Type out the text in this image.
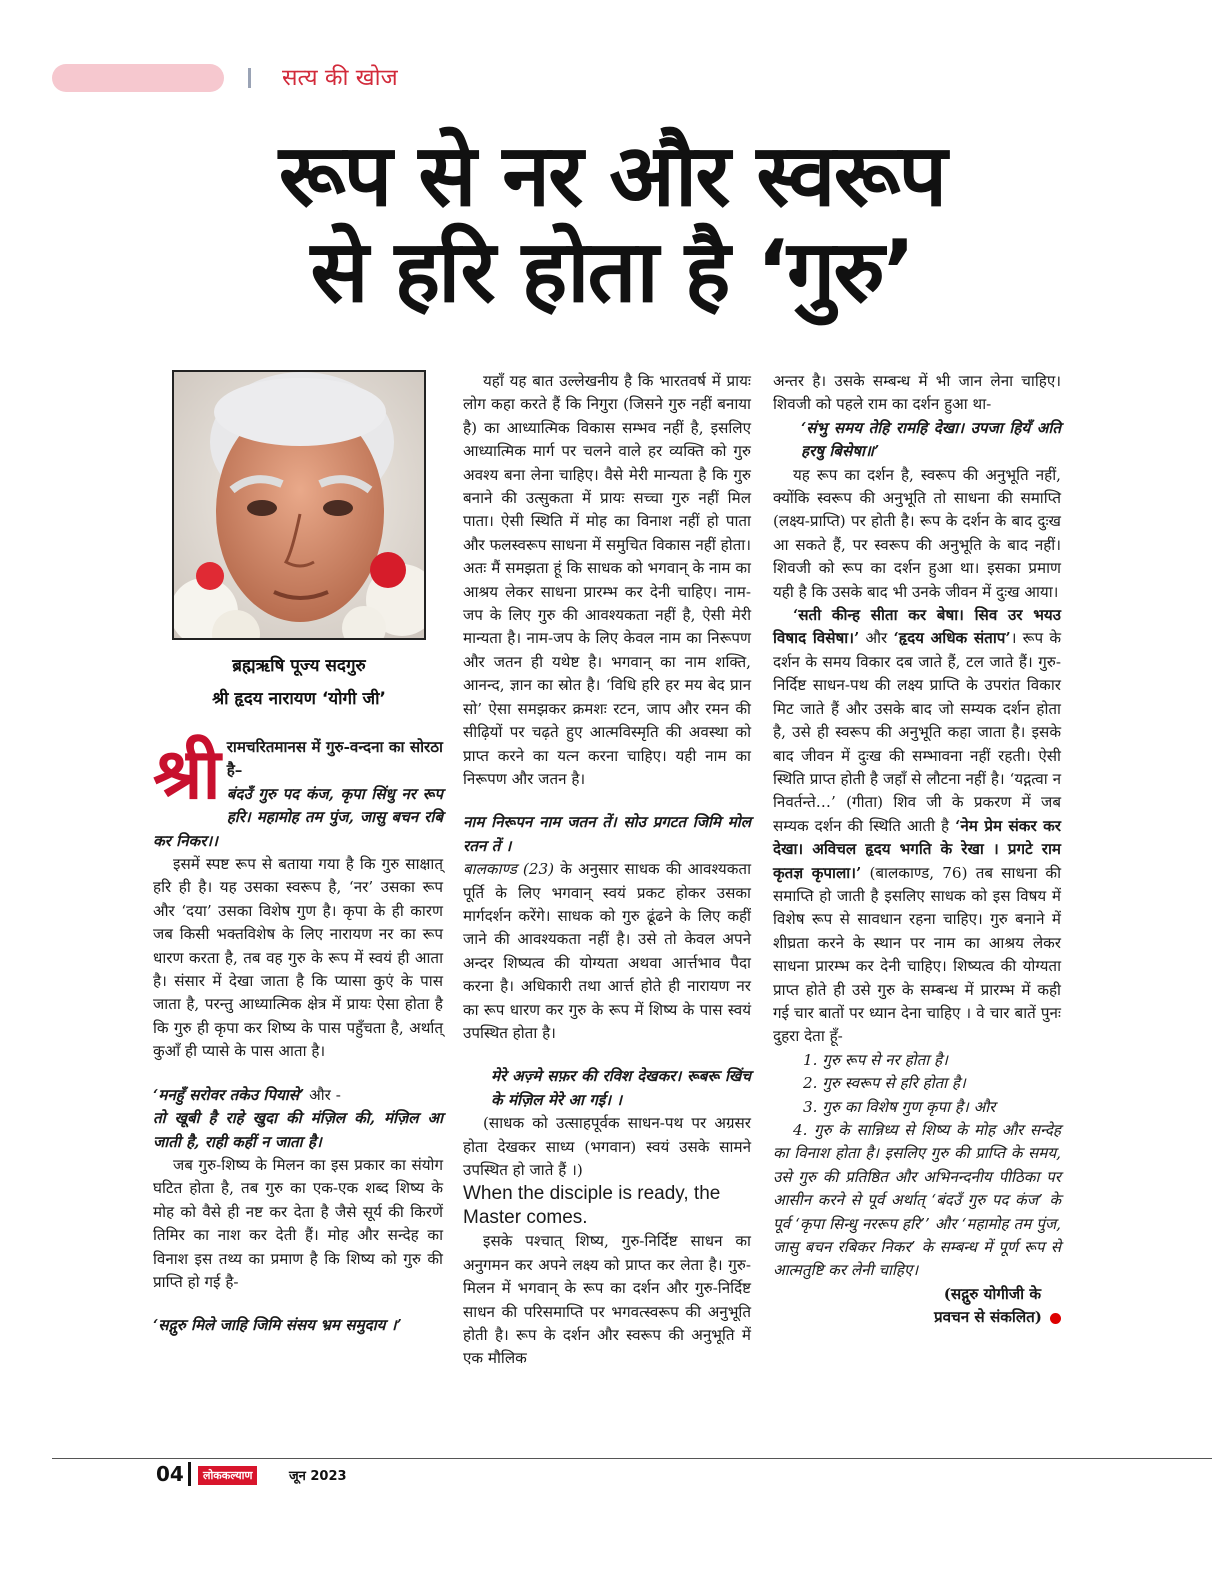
सत्य की खोज
रूप से नर और स्वरूप
से हरि होता है ‘गुरु’
ब्रह्मऋषि पूज्य सदगुरु
श्री हृदय नारायण ‘योगी जी’
श्री रामचरितमानस में गुरु-वन्दना का सोरठा है–

बंदउँ गुरु पद कंज, कृपा सिंधु नर रूप हरि। महामोह तम पुंज, जासु बचन रबि कर निकर।।

इसमें स्पष्ट रूप से बताया गया है कि गुरु साक्षात् हरि ही है। यह उसका स्वरूप है, ‘नर’ उसका रूप और ‘दया’ उसका विशेष गुण है। कृपा के ही कारण जब किसी भक्तविशेष के लिए नारायण नर का रूप धारण करता है, तब वह गुरु के रूप में स्वयं ही आता है। संसार में देखा जाता है कि प्यासा कुएं के पास जाता है, परन्तु आध्यात्मिक क्षेत्र में प्रायः ऐसा होता है कि गुरु ही कृपा कर शिष्य के पास पहुँचता है, अर्थात् कुआँ ही प्यासे के पास आता है।

‘मनहुँ सरोवर तकेउ पियासे’ और -

तो खूबी है राहे खुदा की मंज़िल की, मंज़िल आ जाती है, राही कहीं न जाता है।

जब गुरु-शिष्य के मिलन का इस प्रकार का संयोग घटित होता है, तब गुरु का एक-एक शब्द शिष्य के मोह को वैसे ही नष्ट कर देता है जैसे सूर्य की किरणें तिमिर का नाश कर देती हैं। मोह और सन्देह का विनाश इस तथ्य का प्रमाण है कि शिष्य को गुरु की प्राप्ति हो गई है-

‘सद्गुरु मिले जाहि जिमि संसय भ्रम समुदाय ।’

यहाँ यह बात उल्लेखनीय है कि भारतवर्ष में प्रायः लोग कहा करते हैं कि निगुरा (जिसने गुरु नहीं बनाया है) का आध्यात्मिक विकास सम्भव नहीं है, इसलिए आध्यात्मिक मार्ग पर चलने वाले हर व्यक्ति को गुरु अवश्य बना लेना चाहिए। वैसे मेरी मान्यता है कि गुरु बनाने की उत्सुकता में प्रायः सच्चा गुरु नहीं मिल पाता। ऐसी स्थिति में मोह का विनाश नहीं हो पाता और फलस्वरूप साधना में समुचित विकास नहीं होता। अतः मैं समझता हूं कि साधक को भगवान् के नाम का आश्रय लेकर साधना प्रारम्भ कर देनी चाहिए। नाम-जप के लिए गुरु की आवश्यकता नहीं है, ऐसी मेरी मान्यता है। नाम-जप के लिए केवल नाम का निरूपण और जतन ही यथेष्ट है। भगवान् का नाम शक्ति, आनन्द, ज्ञान का स्रोत है। ‘विधि हरि हर मय बेद प्रान सो’ ऐसा समझकर क्रमशः रटन, जाप और रमन की सीढ़ियों पर चढ़ते हुए आत्मविस्मृति की अवस्था को प्राप्त करने का यत्न करना चाहिए। यही नाम का निरूपण और जतन है।

नाम निरूपन नाम जतन तें। सोउ प्रगटत जिमि मोल रतन तें ।

बालकाण्ड (23) के अनुसार साधक की आवश्यकता पूर्ति के लिए भगवान् स्वयं प्रकट होकर उसका मार्गदर्शन करेंगे। साधक को गुरु ढूंढने के लिए कहीं जाने की आवश्यकता नहीं है। उसे तो केवल अपने अन्दर शिष्यत्व की योग्यता अथवा आर्त्तभाव पैदा करना है। अधिकारी तथा आर्त्त होते ही नारायण नर का रूप धारण कर गुरु के रूप में शिष्य के पास स्वयं उपस्थित होता है।

मेरे अज़्मे सफ़र की रविश देखकर। रूबरू खिंच के मंज़िल मेरे आ गई। ।

(साधक को उत्साहपूर्वक साधन-पथ पर अग्रसर होता देखकर साध्य (भगवान) स्वयं उसके सामने उपस्थित हो जाते हैं ।)

When the disciple is ready, the Master comes.

इसके पश्चात् शिष्य, गुरु-निर्दिष्ट साधन का अनुगमन कर अपने लक्ष्य को प्राप्त कर लेता है। गुरु-मिलन में भगवान् के रूप का दर्शन और गुरु-निर्दिष्ट साधन की परिसमाप्ति पर भगवत्स्वरूप की अनुभूति होती है। रूप के दर्शन और स्वरूप की अनुभूति में एक मौलिक

अन्तर है। उसके सम्बन्ध में भी जान लेना चाहिए। शिवजी को पहले राम का दर्शन हुआ था-

‘संभु समय तेहि रामहि देखा। उपजा हियँ अति हरषु बिसेषा॥’

यह रूप का दर्शन है, स्वरूप की अनुभूति नहीं, क्योंकि स्वरूप की अनुभूति तो साधना की समाप्ति (लक्ष्य-प्राप्ति) पर होती है। रूप के दर्शन के बाद दुःख आ सकते हैं, पर स्वरूप की अनुभूति के बाद नहीं। शिवजी को रूप का दर्शन हुआ था। इसका प्रमाण यही है कि उसके बाद भी उनके जीवन में दुःख आया।

‘सती कीन्ह सीता कर बेषा। सिव उर भयउ विषाद विसेषा।’ और ‘हृदय अधिक संताप’। रूप के दर्शन के समय विकार दब जाते हैं, टल जाते हैं। गुरु-निर्दिष्ट साधन-पथ की लक्ष्य प्राप्ति के उपरांत विकार मिट जाते हैं और उसके बाद जो सम्यक दर्शन होता है, उसे ही स्वरूप की अनुभूति कहा जाता है। इसके बाद जीवन में दुःख की सम्भावना नहीं रहती। ऐसी स्थिति प्राप्त होती है जहाँ से लौटना नहीं है। ‘यद्गत्वा न निवर्तन्ते…’ (गीता) शिव जी के प्रकरण में जब सम्यक दर्शन की स्थिति आती है ‘नेम प्रेम संकर कर देखा। अविचल हृदय भगति के रेखा । प्रगटे राम कृतज्ञ कृपाला।’ (बालकाण्ड, 76) तब साधना की समाप्ति हो जाती है इसलिए साधक को इस विषय में विशेष रूप से सावधान रहना चाहिए। गुरु बनाने में शीघ्रता करने के स्थान पर नाम का आश्रय लेकर साधना प्रारम्भ कर देनी चाहिए। शिष्यत्व की योग्यता प्राप्त होते ही उसे गुरु के सम्बन्ध में प्रारम्भ में कही गई चार बातों पर ध्यान देना चाहिए । वे चार बातें पुनः दुहरा देता हूँ-

1. गुरु रूप से नर होता है।

2. गुरु स्वरूप से हरि होता है।

3. गुरु का विशेष गुण कृपा है। और

4. गुरु के सान्निध्य से शिष्य के मोह और सन्देह का विनाश होता है। इसलिए गुरु की प्राप्ति के समय, उसे गुरु की प्रतिष्ठित और अभिनन्दनीय पीठिका पर आसीन करने से पूर्व अर्थात् ‘बंदउँ गुरु पद कंज’ के पूर्व ‘कृपा सिन्धु नररूप हरि’’ और ‘महामोह तम पुंज, जासु बचन रबिकर निकर’ के सम्बन्ध में पूर्ण रूप से आत्मतुष्टि कर लेनी चाहिए।

(सद्गुरु योगीजी के

प्रवचन से संकलित)

04	लोककल्याण	जून 2023
